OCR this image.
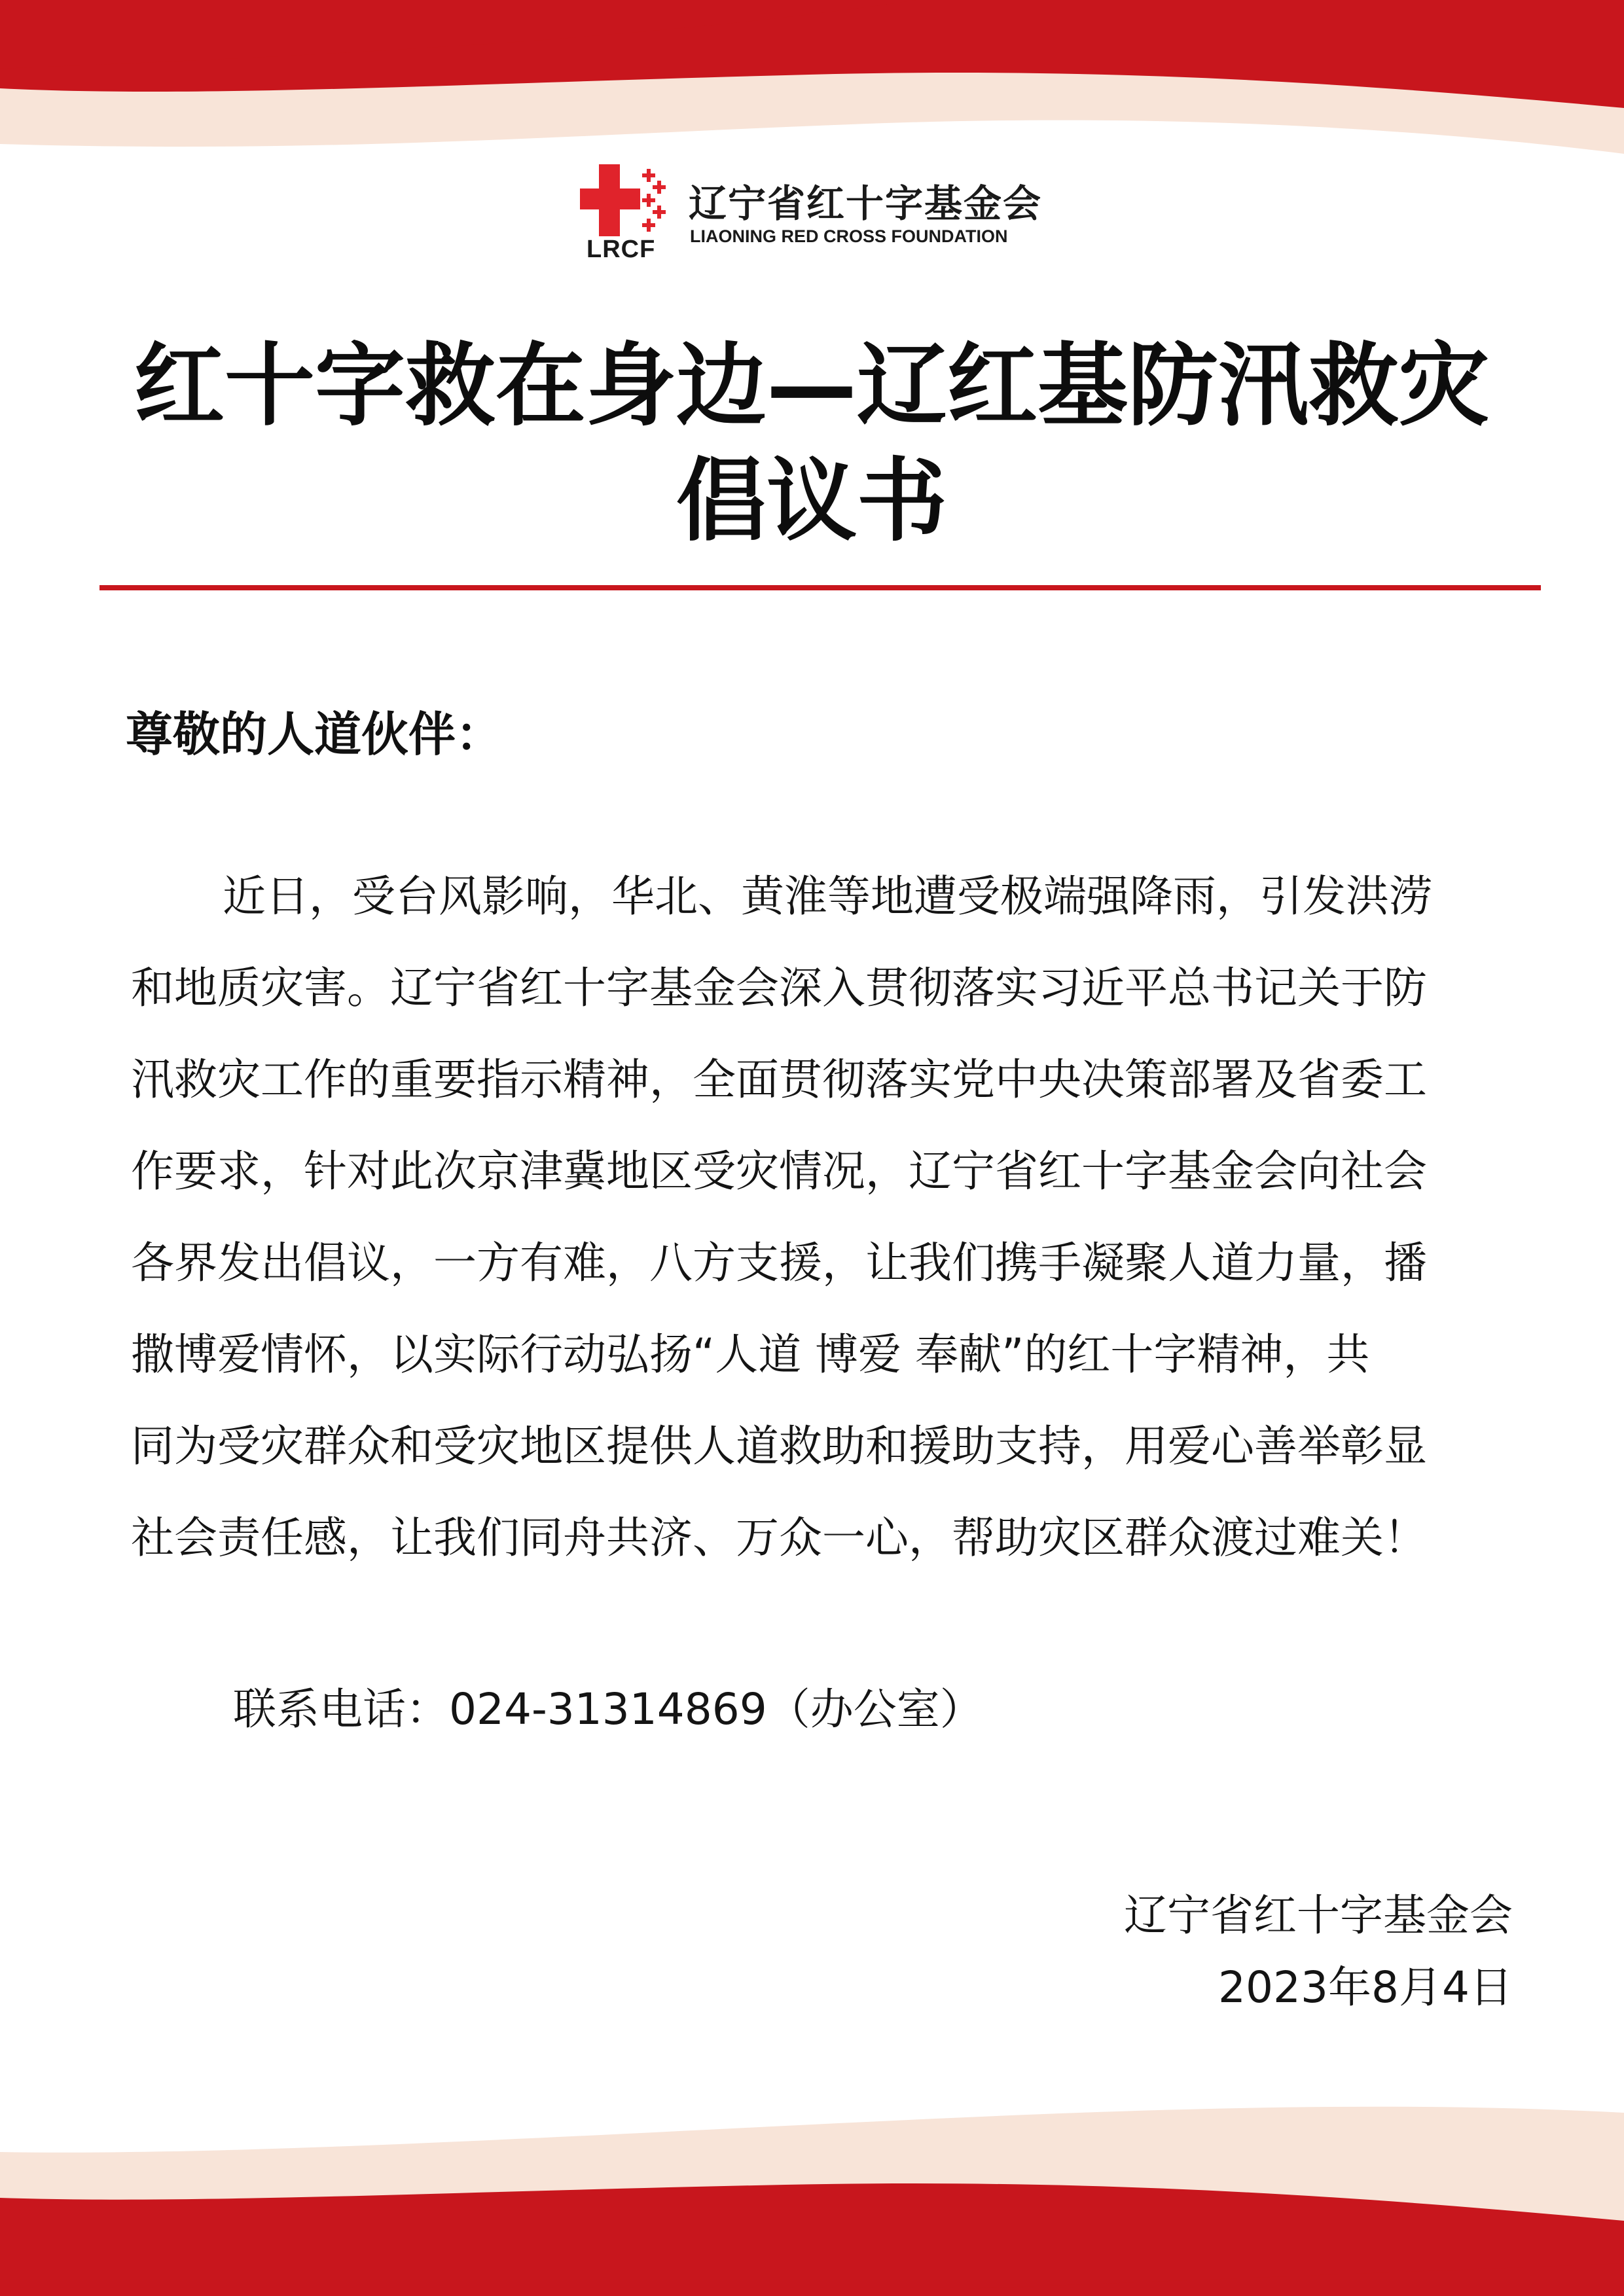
LRCF
辽宁省红十字基金会
LIAONING RED CROSS FOUNDATION
红十字救在身边—辽红基防汛救灾
倡议书
尊敬的人道伙伴：

近日，受台风影响，华北、黄淮等地遭受极端强降雨，引发洪涝
和地质灾害。辽宁省红十字基金会深入贯彻落实习近平总书记关于防
汛救灾工作的重要指示精神，全面贯彻落实党中央决策部署及省委工
作要求，针对此次京津冀地区受灾情况，辽宁省红十字基金会向社会
各界发出倡议，一方有难，八方支援，让我们携手凝聚人道力量，播
撒博爱情怀，以实际行动弘扬“人道 博爱 奉献”的红十字精神，共
同为受灾群众和受灾地区提供人道救助和援助支持，用爱心善举彰显
社会责任感，让我们同舟共济、万众一心，帮助灾区群众渡过难关！

联系电话：024-31314869（办公室）
辽宁省红十字基金会
2023年8月4日
